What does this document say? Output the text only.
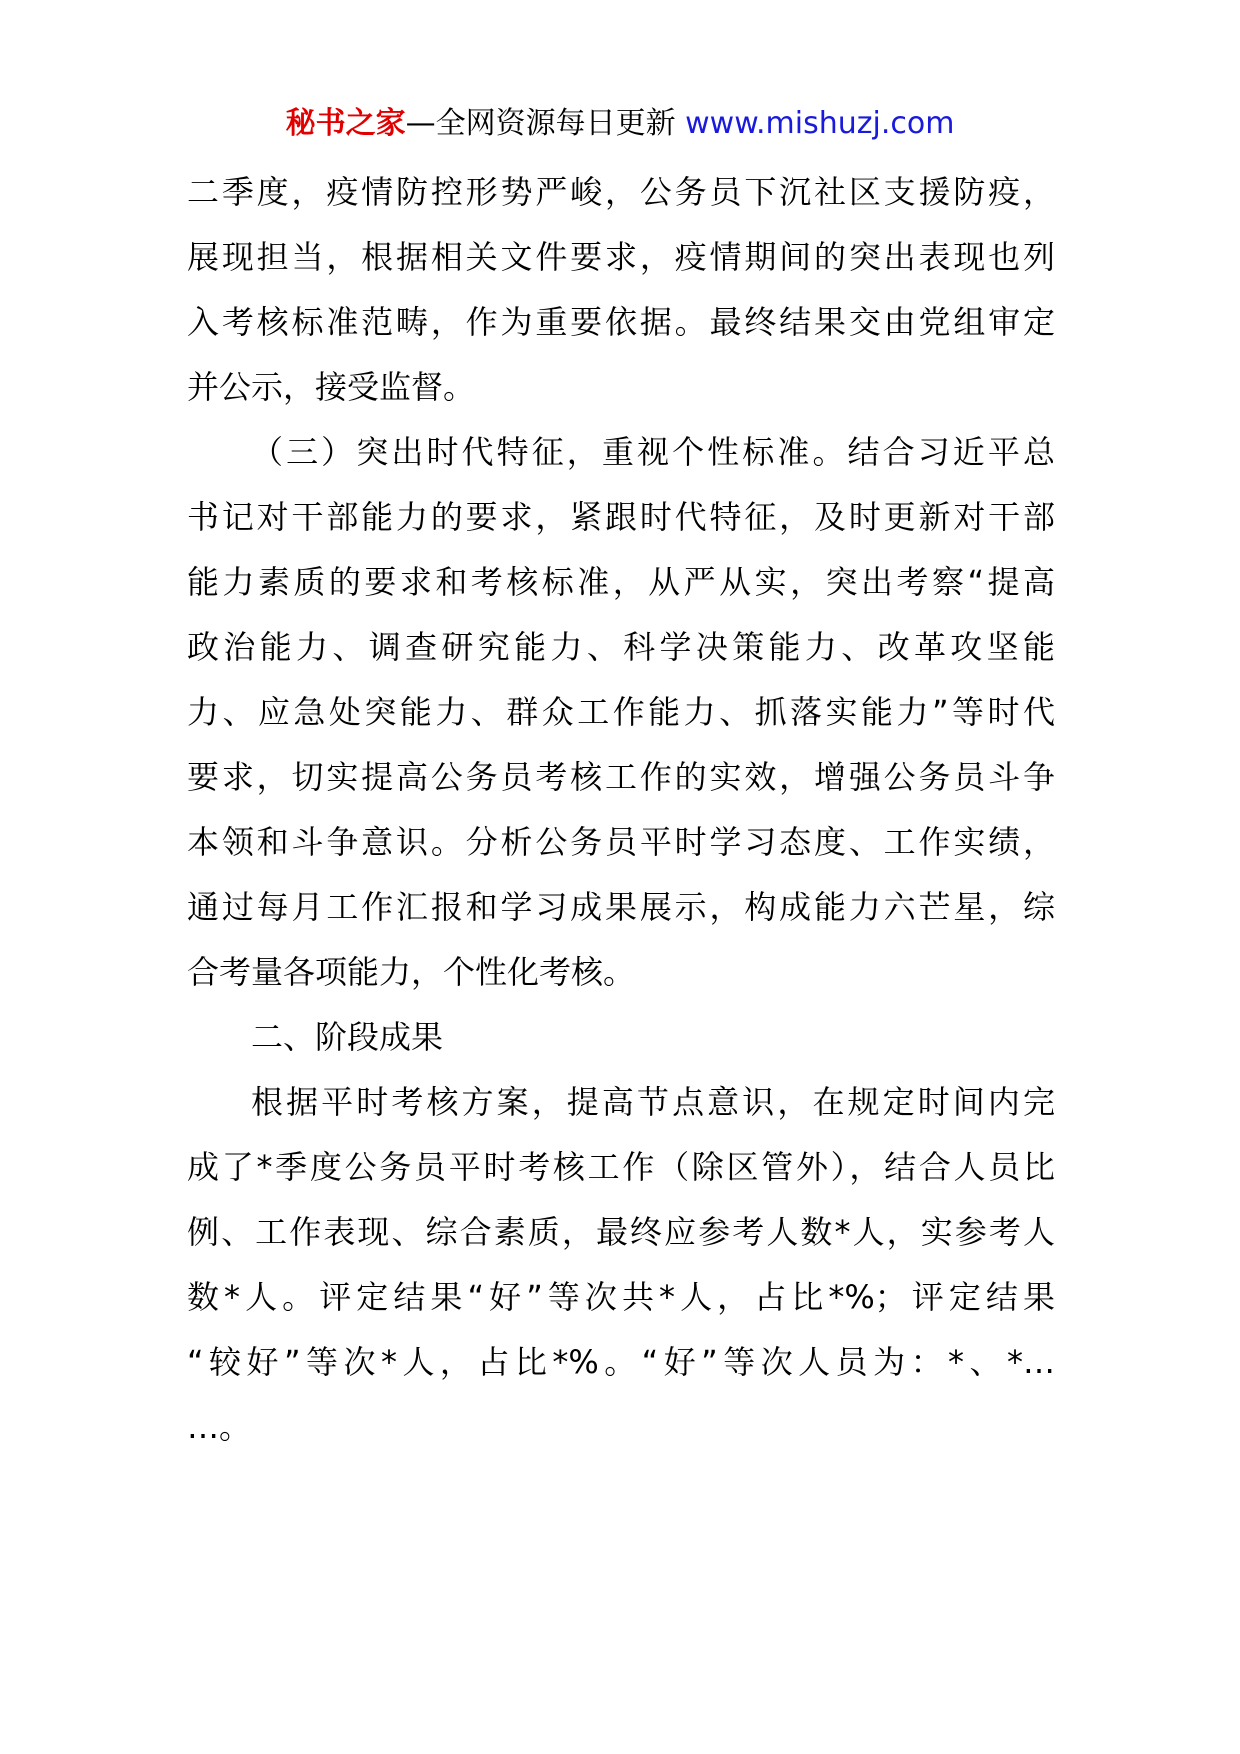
秘书之家—全网资源每日更新 www.mishuzj.com
二季度，疫情防控形势严峻，公务员下沉社区支援防疫，
展现担当，根据相关文件要求，疫情期间的突出表现也列
入考核标准范畴，作为重要依据。最终结果交由党组审定
并公示，接受监督。
（三）突出时代特征，重视个性标准。结合习近平总
书记对干部能力的要求，紧跟时代特征，及时更新对干部
能力素质的要求和考核标准，从严从实，突出考察“提高
政治能力、调查研究能力、科学决策能力、改革攻坚能
力、应急处突能力、群众工作能力、抓落实能力”等时代
要求，切实提高公务员考核工作的实效，增强公务员斗争
本领和斗争意识。分析公务员平时学习态度、工作实绩，
通过每月工作汇报和学习成果展示，构成能力六芒星，综
合考量各项能力，个性化考核。
二、阶段成果
根据平时考核方案，提高节点意识，在规定时间内完
成了*季度公务员平时考核工作（除区管外），结合人员比
例、工作表现、综合素质，最终应参考人数*人，实参考人
数*人。评定结果“好”等次共*人，占比*%；评定结果
“较好”等次*人，占比*%。“好”等次人员为：*、*…
…。
